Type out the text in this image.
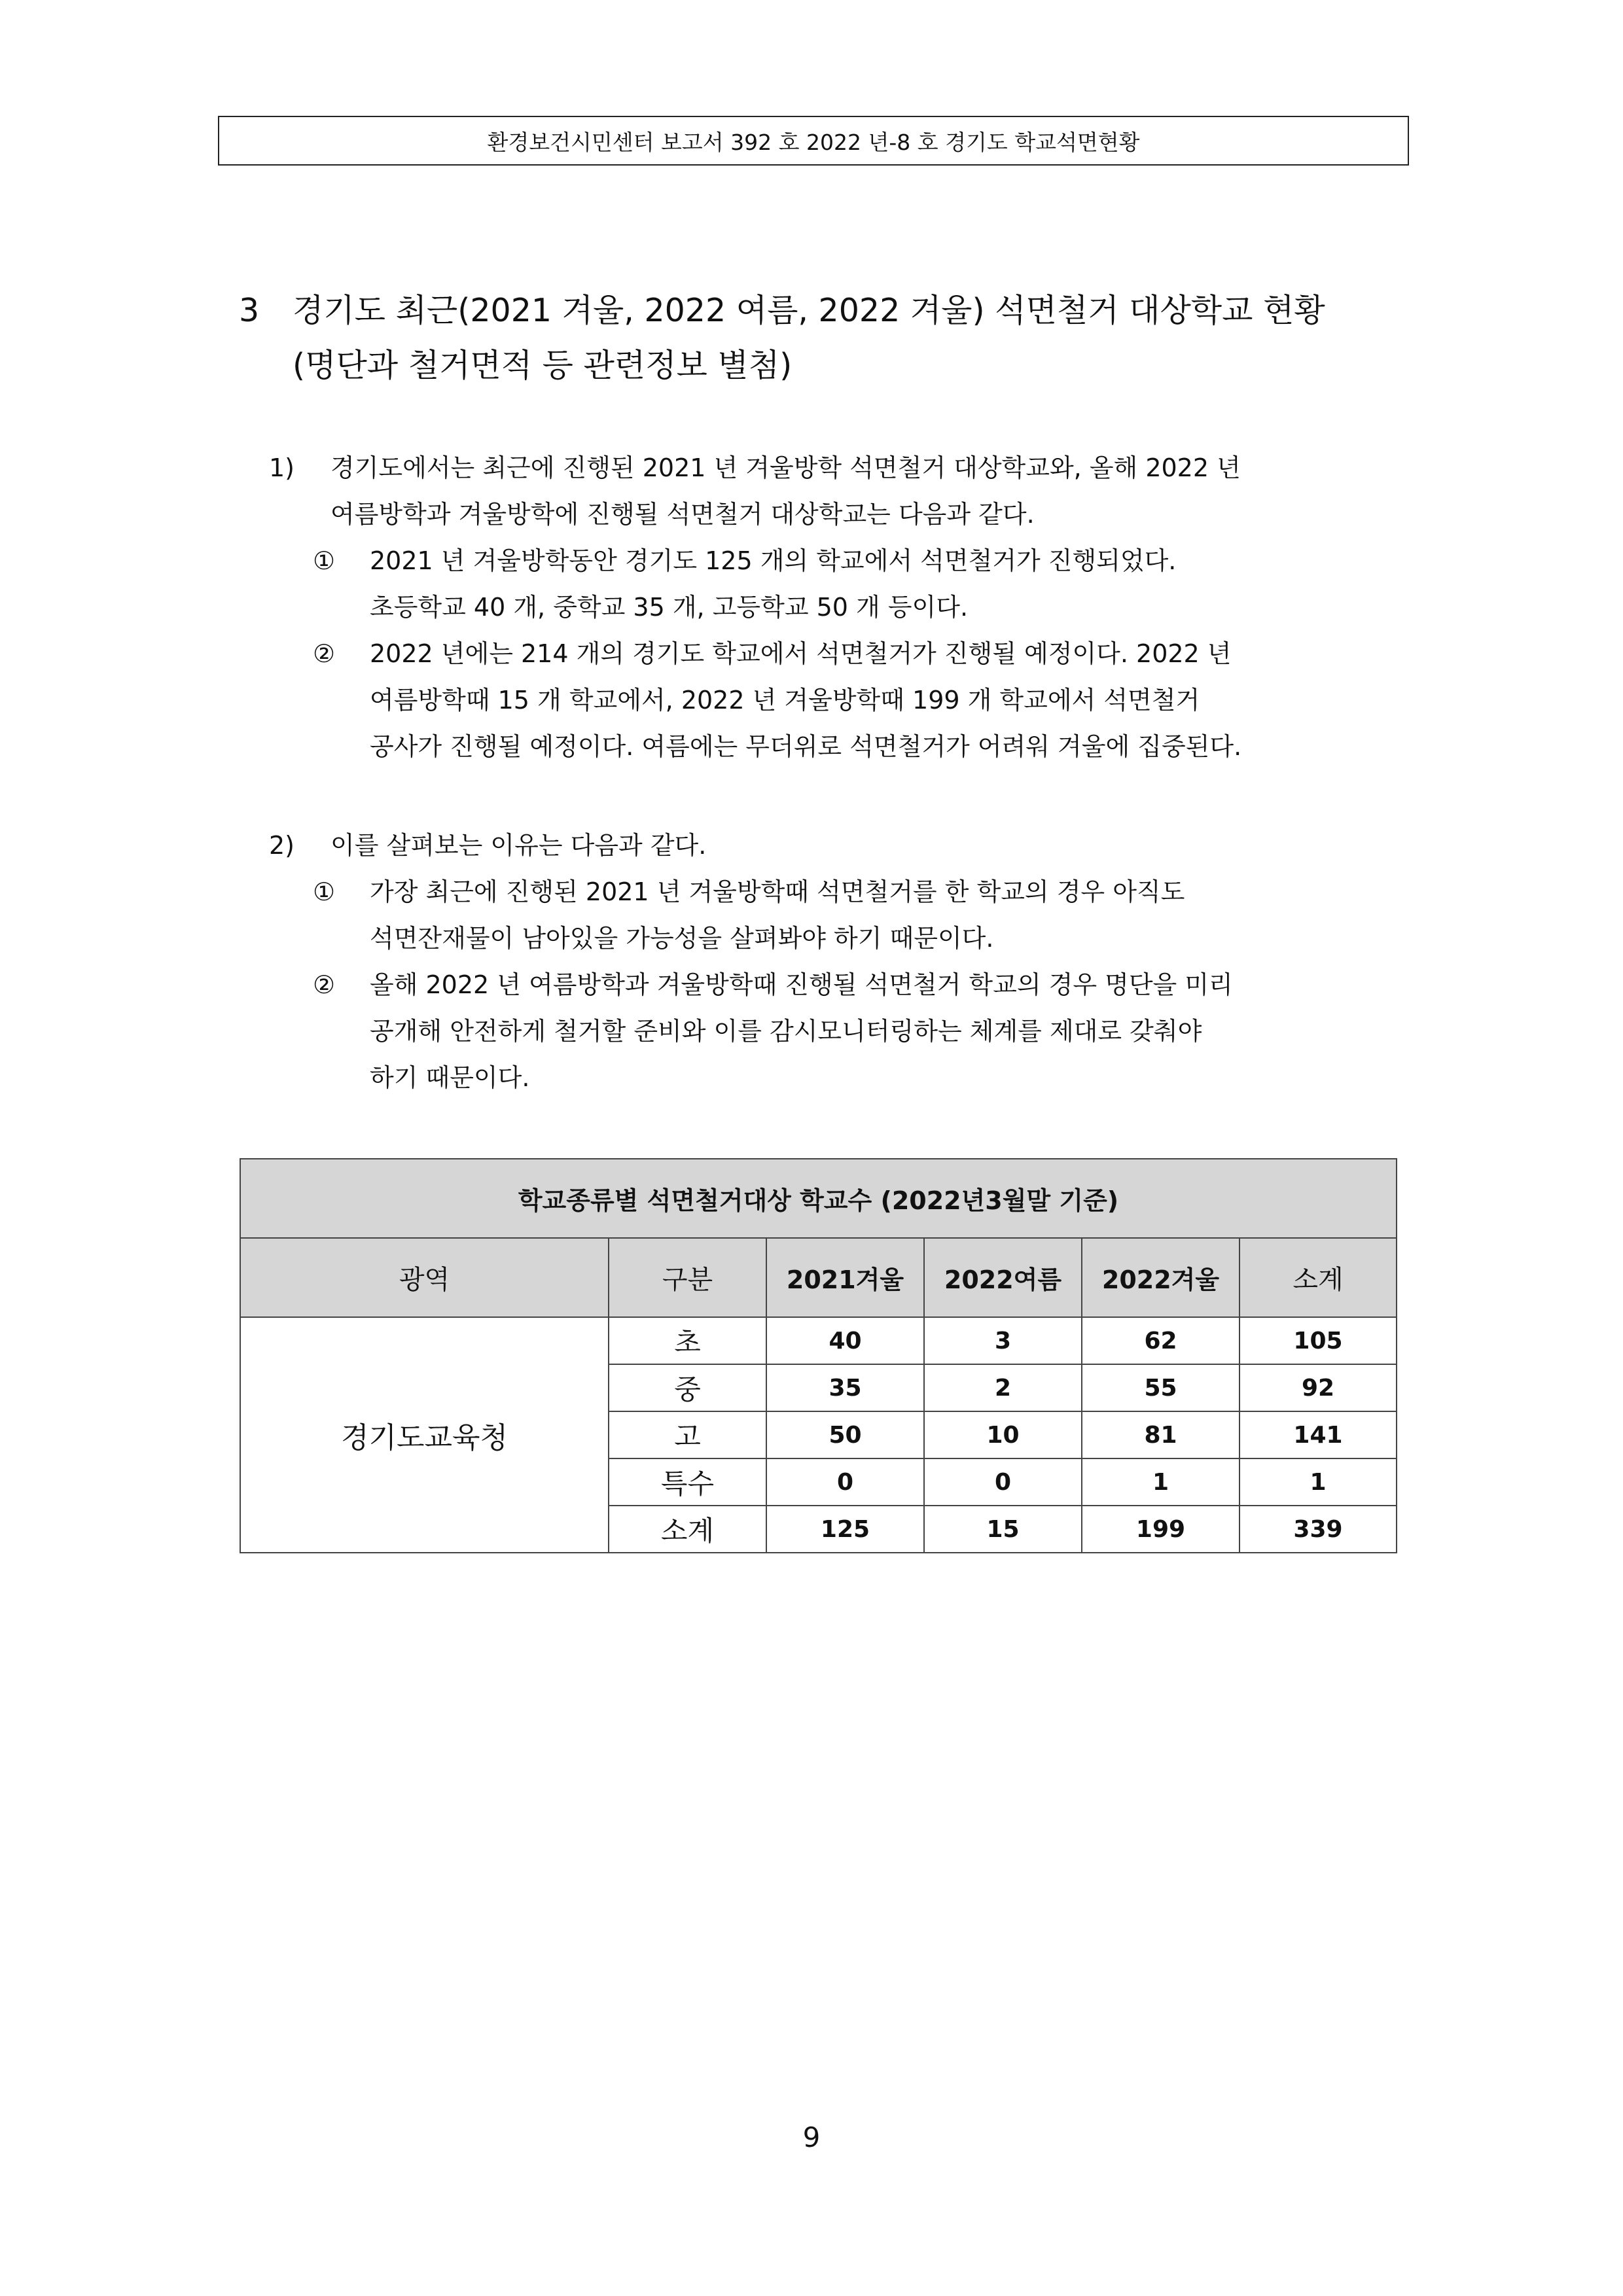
환경보건시민센터 보고서 392 호 2022 년-8 호 경기도 학교석면현황
3 경기도 최근(2021 겨울, 2022 여름, 2022 겨울) 석면철거 대상학교 현황
(명단과 철거면적 등 관련정보 별첨)
1) 경기도에서는 최근에 진행된 2021 년 겨울방학 석면철거 대상학교와, 올해 2022 년
여름방학과 겨울방학에 진행될 석면철거 대상학교는 다음과 같다.
① 2021 년 겨울방학동안 경기도 125 개의 학교에서 석면철거가 진행되었다.
초등학교 40 개, 중학교 35 개, 고등학교 50 개 등이다.
② 2022 년에는 214 개의 경기도 학교에서 석면철거가 진행될 예정이다. 2022 년
여름방학때 15 개 학교에서, 2022 년 겨울방학때 199 개 학교에서 석면철거
공사가 진행될 예정이다. 여름에는 무더위로 석면철거가 어려워 겨울에 집중된다.
2) 이를 살펴보는 이유는 다음과 같다.
① 가장 최근에 진행된 2021 년 겨울방학때 석면철거를 한 학교의 경우 아직도
석면잔재물이 남아있을 가능성을 살펴봐야 하기 때문이다.
② 올해 2022 년 여름방학과 겨울방학때 진행될 석면철거 학교의 경우 명단을 미리
공개해 안전하게 철거할 준비와 이를 감시모니터링하는 체계를 제대로 갖춰야
하기 때문이다.
학교종류별 석면철거대상 학교수 (2022년3월말 기준)					
광역	구분	2021겨울	2022여름	2022겨울	소계
경기도교육청	초	40	3	62	105
	중	35	2	55	92
	고	50	10	81	141
	특수	0	0	1	1
	소계	125	15	199	339
9
